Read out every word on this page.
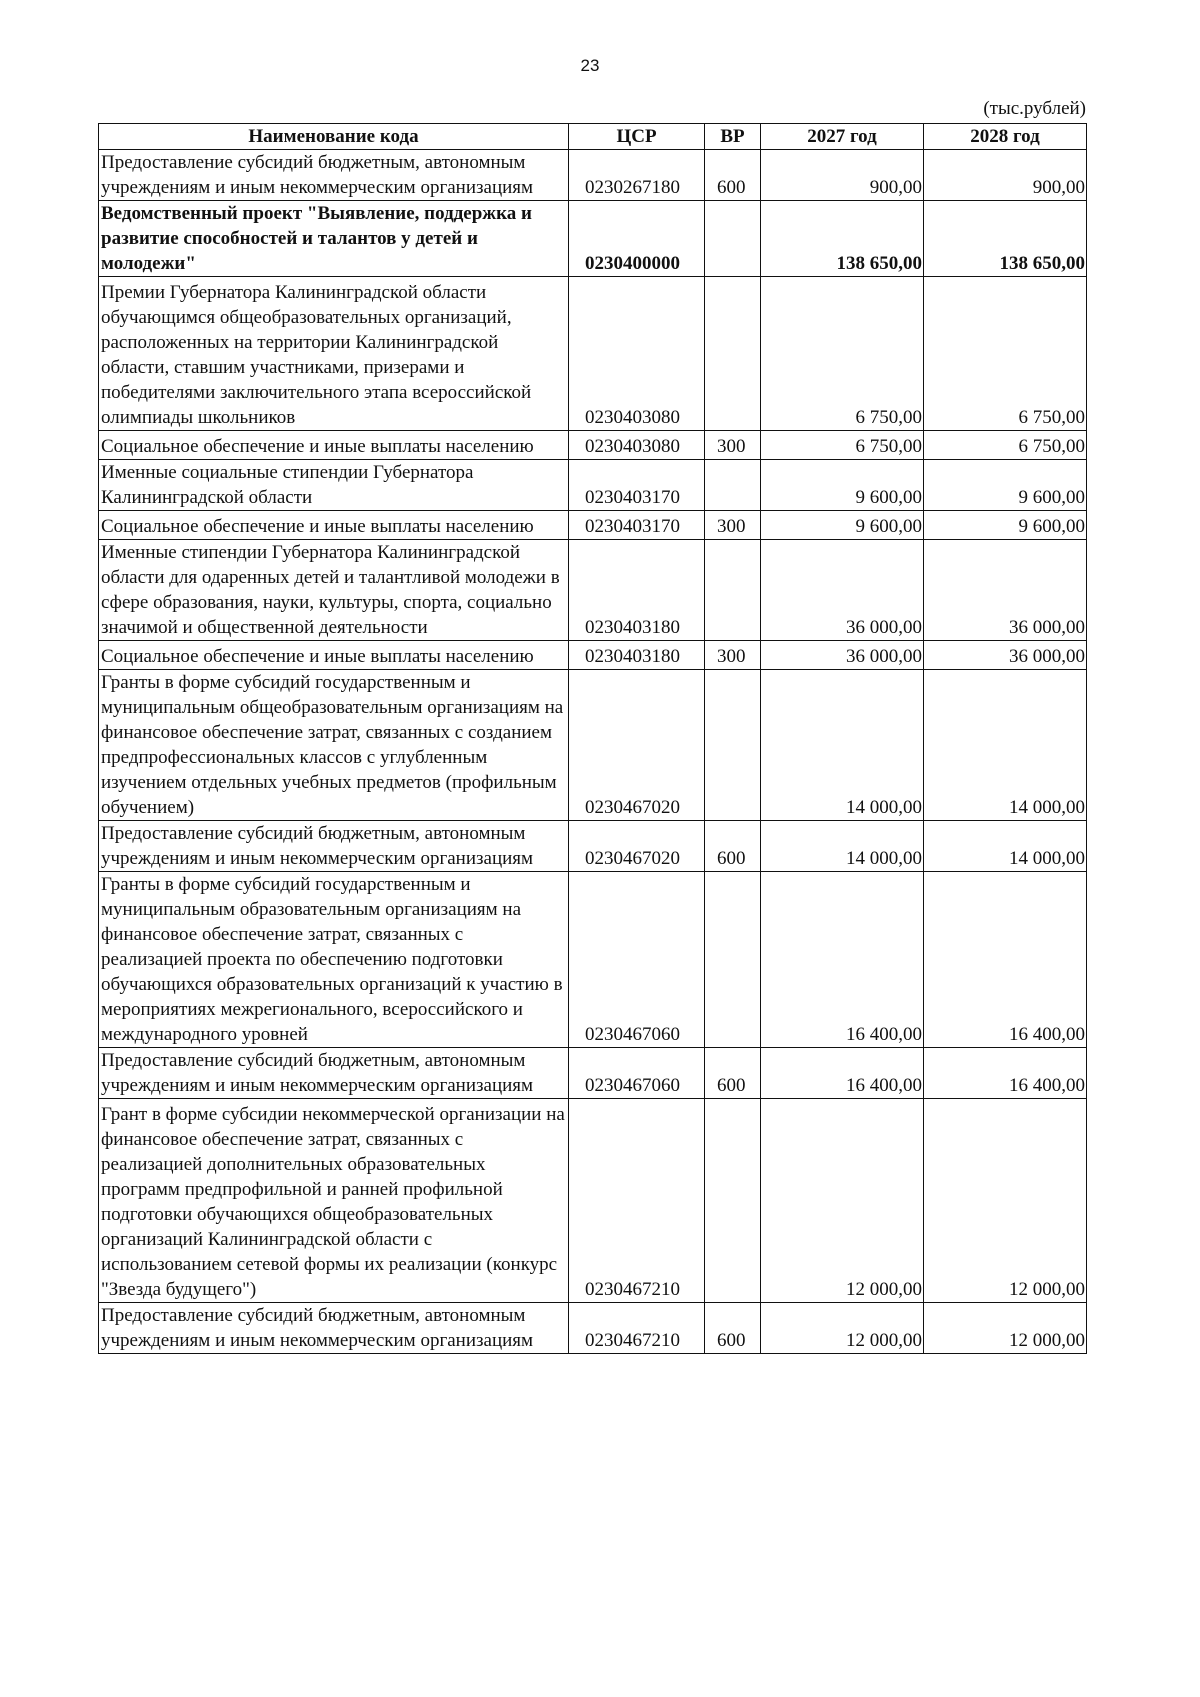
23
(тыс.рублей)
Наименование кода	ЦСР	ВР	2027 год	2028 год
Предоставление субсидий бюджетным, автономным учреждениям и иным некоммерческим организациям	0230267180	600	900,00	900,00
Ведомственный проект "Выявление, поддержка и развитие способностей и талантов у детей и молодежи"	0230400000		138 650,00	138 650,00
Премии Губернатора Калининградской области обучающимся общеобразовательных организаций, расположенных на территории Калининградской области, ставшим участниками, призерами и победителями заключительного этапа всероссийской олимпиады школьников	0230403080		6 750,00	6 750,00
Социальное обеспечение и иные выплаты населению	0230403080	300	6 750,00	6 750,00
Именные социальные стипендии Губернатора Калининградской области	0230403170		9 600,00	9 600,00
Социальное обеспечение и иные выплаты населению	0230403170	300	9 600,00	9 600,00
Именные стипендии Губернатора Калининградской области для одаренных детей и талантливой молодежи в сфере образования, науки, культуры, спорта, социально значимой и общественной деятельности	0230403180		36 000,00	36 000,00
Социальное обеспечение и иные выплаты населению	0230403180	300	36 000,00	36 000,00
Гранты в форме субсидий государственным и муниципальным общеобразовательным организациям на финансовое обеспечение затрат, связанных с созданием предпрофессиональных классов с углубленным изучением отдельных учебных предметов (профильным обучением)	0230467020		14 000,00	14 000,00
Предоставление субсидий бюджетным, автономным учреждениям и иным некоммерческим организациям	0230467020	600	14 000,00	14 000,00
Гранты в форме субсидий государственным и муниципальным образовательным организациям на финансовое обеспечение затрат, связанных с реализацией проекта по обеспечению подготовки обучающихся образовательных организаций к участию в мероприятиях межрегионального, всероссийского и международного уровней	0230467060		16 400,00	16 400,00
Предоставление субсидий бюджетным, автономным учреждениям и иным некоммерческим организациям	0230467060	600	16 400,00	16 400,00
Грант в форме субсидии некоммерческой организации на финансовое обеспечение затрат, связанных с реализацией дополнительных образовательных программ предпрофильной и ранней профильной подготовки обучающихся общеобразовательных организаций Калининградской области с использованием сетевой формы их реализации (конкурс "Звезда будущего")	0230467210		12 000,00	12 000,00
Предоставление субсидий бюджетным, автономным учреждениям и иным некоммерческим организациям	0230467210	600	12 000,00	12 000,00
